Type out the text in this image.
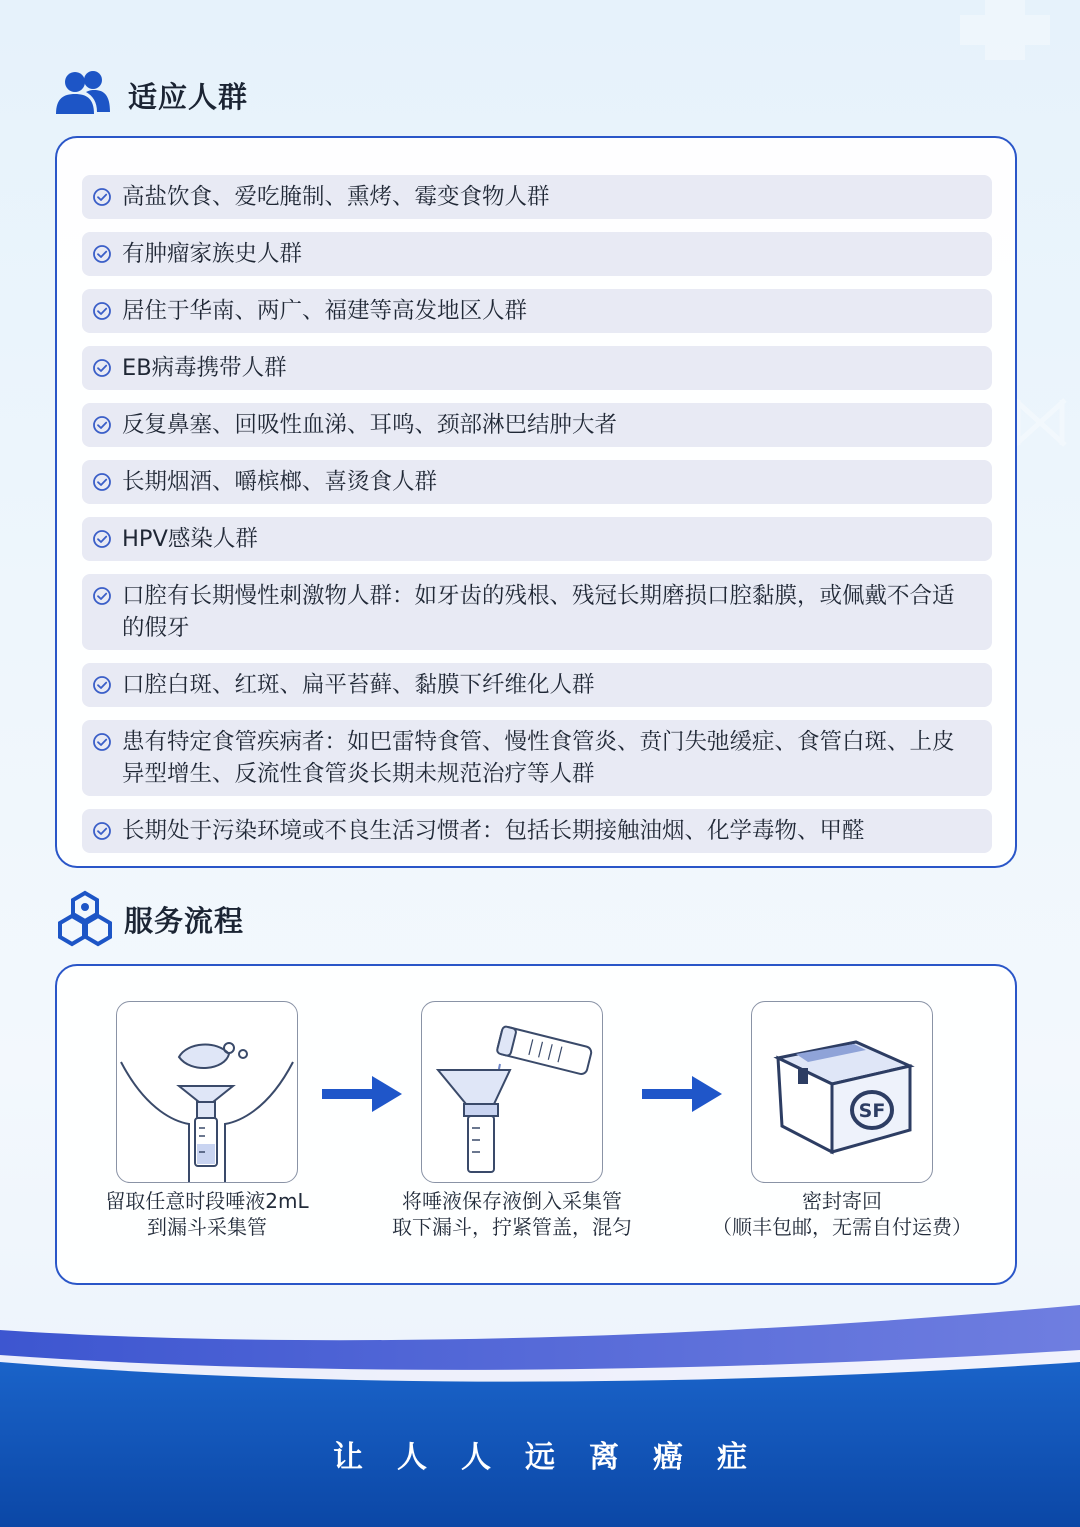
适应人群
高盐饮食、爱吃腌制、熏烤、霉变食物人群
有肿瘤家族史人群
居住于华南、两广、福建等高发地区人群
EB病毒携带人群
反复鼻塞、回吸性血涕、耳鸣、颈部淋巴结肿大者
长期烟酒、嚼槟榔、喜烫食人群
HPV感染人群
口腔有长期慢性刺激物人群：如牙齿的残根、残冠长期磨损口腔黏膜，或佩戴不合适的假牙
口腔白斑、红斑、扁平苔藓、黏膜下纤维化人群
患有特定食管疾病者：如巴雷特食管、慢性食管炎、贲门失弛缓症、食管白斑、上皮异型增生、反流性食管炎长期未规范治疗等人群
长期处于污染环境或不良生活习惯者：包括长期接触油烟、化学毒物、甲醛
服务流程
留取任意时段唾液2mL
到漏斗采集管
将唾液保存液倒入采集管
取下漏斗，拧紧管盖，混匀
SF
密封寄回
（顺丰包邮，无需自付运费）
让人人远离癌症
